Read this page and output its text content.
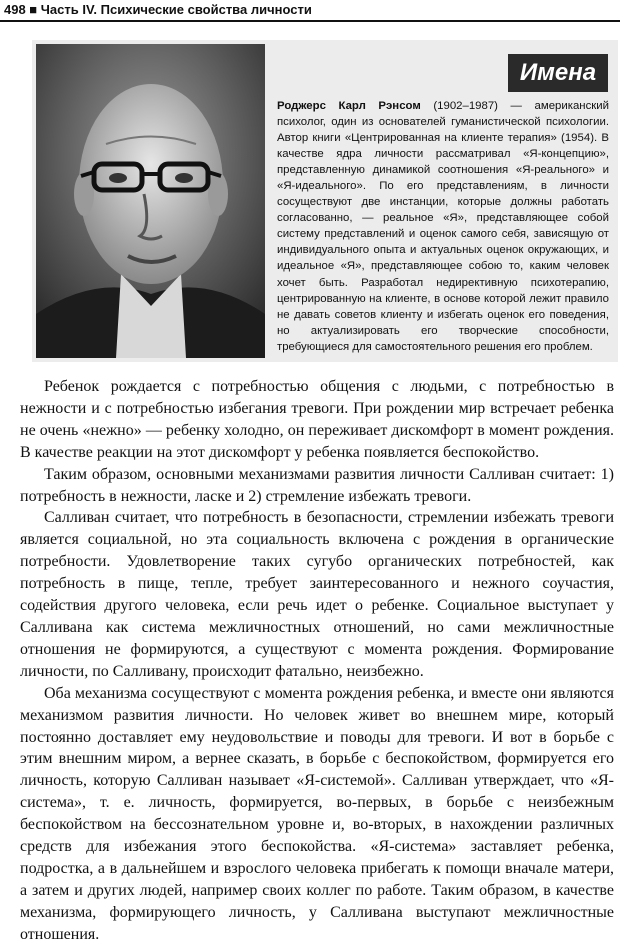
498 ■ Часть IV. Психические свойства личности
Имена
Роджерс Карл Рэнсом (1902–1987) — американский психолог, один из основателей гуманистической психологии. Автор книги «Центрированная на клиенте терапия» (1954). В качестве ядра личности рассматривал «Я-концепцию», представленную динамикой соотношения «Я-реального» и «Я-идеального». По его представлениям, в личности сосуществуют две инстанции, которые должны работать согласованно, — реальное «Я», представляющее собой систему представлений и оценок самого себя, зависящую от индивидуального опыта и актуальных оценок окружающих, и идеальное «Я», представляющее собою то, каким человек хочет быть. Разработал недирективную психотерапию, центрированную на клиенте, в основе которой лежит правило не давать советов клиенту и избегать оценок его поведения, но актуализировать его творческие способности, требующиеся для самостоятельного решения его проблем.

Ребенок рождается с потребностью общения с людьми, с потребностью в нежности и с потребностью избегания тревоги. При рождении мир встречает ребенка не очень «нежно» — ребенку холодно, он переживает дискомфорт в момент рождения. В качестве реакции на этот дискомфорт у ребенка появляется беспокойство.

Таким образом, основными механизмами развития личности Салливан считает: 1) потребность в нежности, ласке и 2) стремление избежать тревоги.

Салливан считает, что потребность в безопасности, стремлении избежать тревоги является социальной, но эта социальность включена с рождения в органические потребности. Удовлетворение таких сугубо органических потребностей, как потребность в пище, тепле, требует заинтересованного и нежного соучастия, содействия другого человека, если речь идет о ребенке. Социальное выступает у Салливана как система межличностных отношений, но сами межличностные отношения не формируются, а существуют с момента рождения. Формирование личности, по Салливану, происходит фатально, неизбежно.

Оба механизма сосуществуют с момента рождения ребенка, и вместе они являются механизмом развития личности. Но человек живет во внешнем мире, который постоянно доставляет ему неудовольствие и поводы для тревоги. И вот в борьбе с этим внешним миром, а вернее сказать, в борьбе с беспокойством, формируется его личность, которую Салливан называет «Я-системой». Салливан утверждает, что «Я-система», т. е. личность, формируется, во-первых, в борьбе с неизбежным беспокойством на бессознательном уровне и, во-вторых, в нахождении различных средств для избежания этого беспокойства. «Я-система» заставляет ребенка, подростка, а в дальнейшем и взрослого человека прибегать к помощи вначале матери, а затем и других людей, например своих коллег по работе. Таким образом, в качестве механизма, формирующего личность, у Салливана выступают межличностные отношения.
